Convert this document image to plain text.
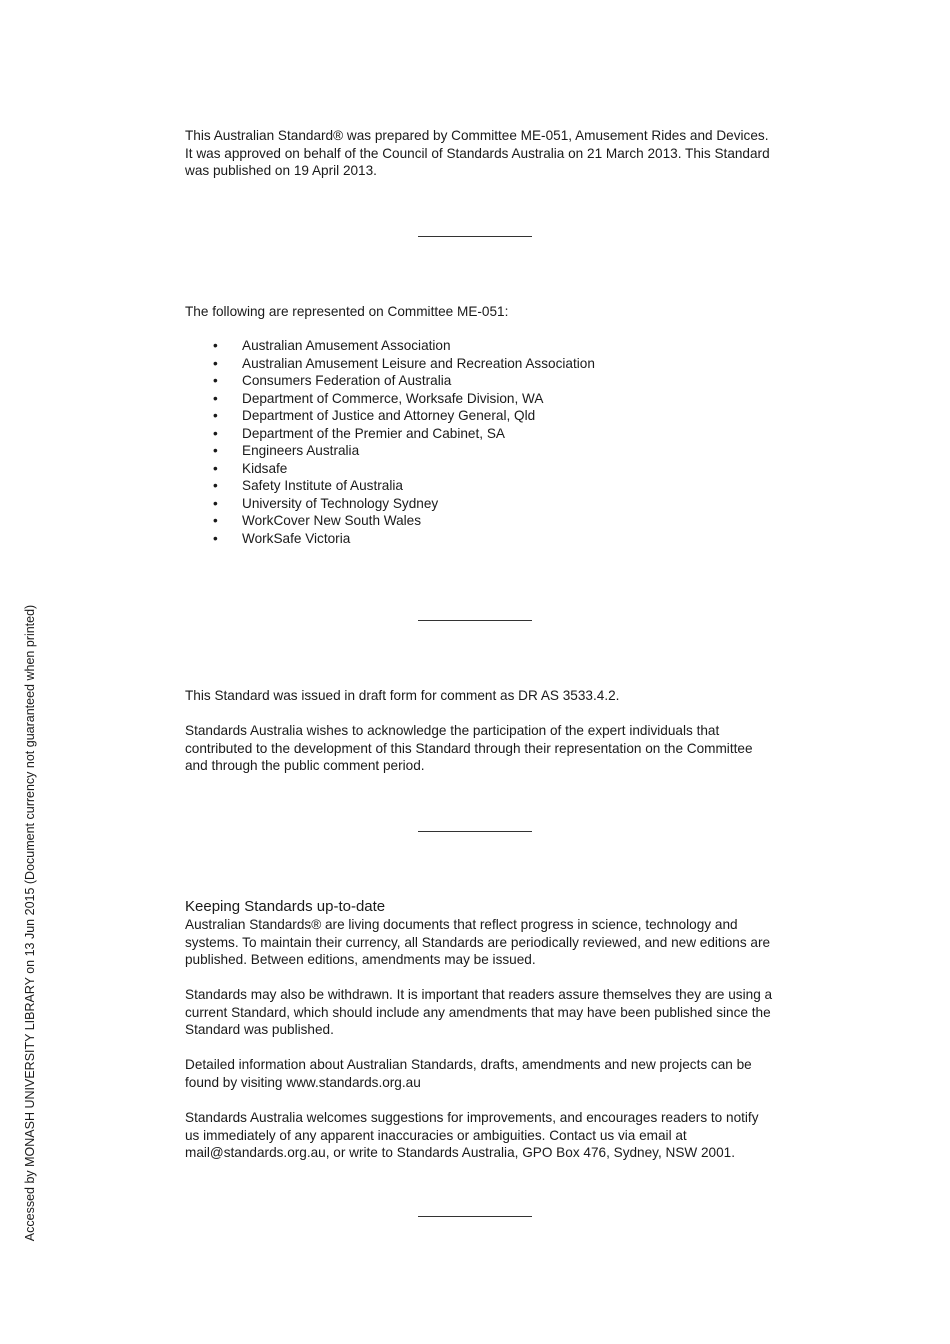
This Australian Standard® was prepared by Committee ME-051, Amusement Rides and Devices. It was approved on behalf of the Council of Standards Australia on 21 March 2013. This Standard was published on 19 April 2013.

The following are represented on Committee ME-051:

• Australian Amusement Association
• Australian Amusement Leisure and Recreation Association
• Consumers Federation of Australia
• Department of Commerce, Worksafe Division, WA
• Department of Justice and Attorney General, Qld
• Department of the Premier and Cabinet, SA
• Engineers Australia
• Kidsafe
• Safety Institute of Australia
• University of Technology Sydney
• WorkCover New South Wales
• WorkSafe Victoria

This Standard was issued in draft form for comment as DR AS 3533.4.2.

Standards Australia wishes to acknowledge the participation of the expert individuals that contributed to the development of this Standard through their representation on the Committee and through the public comment period.

Keeping Standards up-to-date

Australian Standards® are living documents that reflect progress in science, technology and systems. To maintain their currency, all Standards are periodically reviewed, and new editions are published. Between editions, amendments may be issued.

Standards may also be withdrawn. It is important that readers assure themselves they are using a current Standard, which should include any amendments that may have been published since the Standard was published.

Detailed information about Australian Standards, drafts, amendments and new projects can be found by visiting www.standards.org.au

Standards Australia welcomes suggestions for improvements, and encourages readers to notify us immediately of any apparent inaccuracies or ambiguities. Contact us via email at mail@standards.org.au, or write to Standards Australia, GPO Box 476, Sydney, NSW 2001.

Accessed by MONASH UNIVERSITY LIBRARY on 13 Jun 2015 (Document currency not guaranteed when printed)
